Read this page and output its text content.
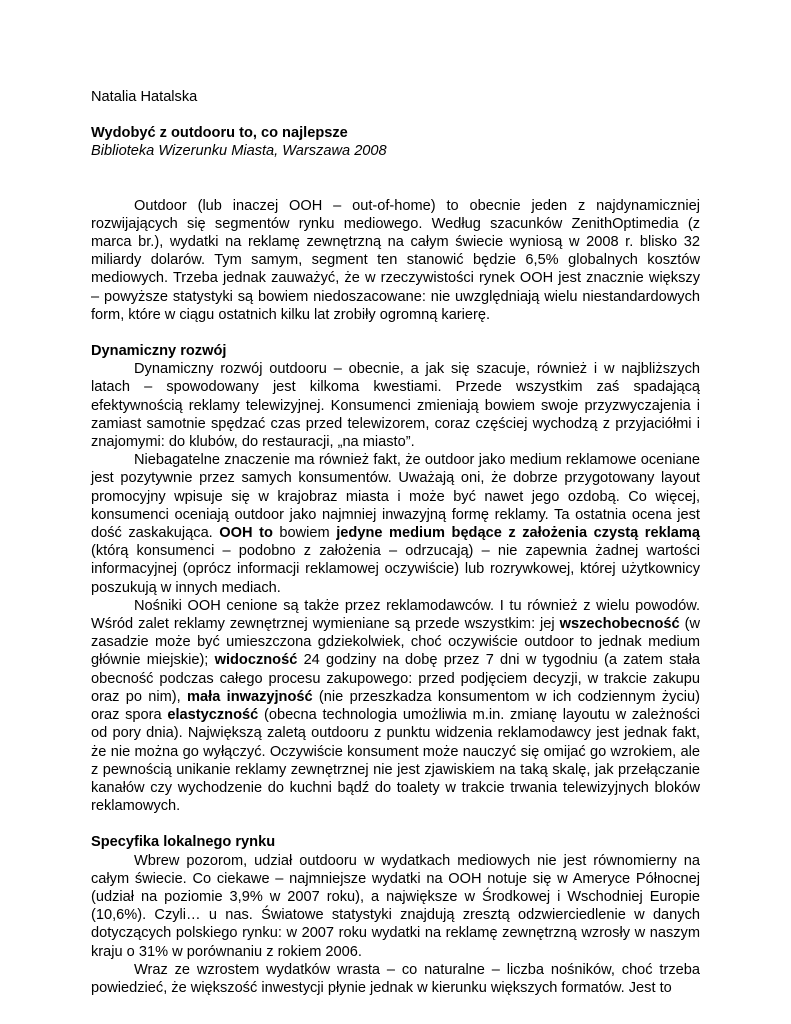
Natalia Hatalska

Wydobyć z outdooru to, co najlepsze

Biblioteka Wizerunku Miasta, Warszawa 2008

Outdoor (lub inaczej OOH – out-of-home) to obecnie jeden z najdynamiczniej rozwijających się segmentów rynku mediowego. Według szacunków ZenithOptimedia (z marca br.), wydatki na reklamę zewnętrzną na całym świecie wyniosą w 2008 r. blisko 32 miliardy dolarów. Tym samym, segment ten stanowić będzie 6,5% globalnych kosztów mediowych. Trzeba jednak zauważyć, że w rzeczywistości rynek OOH jest znacznie większy – powyższe statystyki są bowiem niedoszacowane: nie uwzględniają wielu niestandardowych form, które w ciągu ostatnich kilku lat zrobiły ogromną karierę.

Dynamiczny rozwój

Dynamiczny rozwój outdooru – obecnie, a jak się szacuje, również i w najbliższych latach – spowodowany jest kilkoma kwestiami. Przede wszystkim zaś spadającą efektywnością reklamy telewizyjnej. Konsumenci zmieniają bowiem swoje przyzwyczajenia i zamiast samotnie spędzać czas przed telewizorem, coraz częściej wychodzą z przyjaciółmi i znajomymi: do klubów, do restauracji, „na miasto”.

Niebagatelne znaczenie ma również fakt, że outdoor jako medium reklamowe oceniane jest pozytywnie przez samych konsumentów. Uważają oni, że dobrze przygotowany layout promocyjny wpisuje się w krajobraz miasta i może być nawet jego ozdobą. Co więcej, konsumenci oceniają outdoor jako najmniej inwazyjną formę reklamy. Ta ostatnia ocena jest dość zaskakująca. OOH to bowiem jedyne medium będące z założenia czystą reklamą (którą konsumenci – podobno z założenia – odrzucają) – nie zapewnia żadnej wartości informacyjnej (oprócz informacji reklamowej oczywiście) lub rozrywkowej, której użytkownicy poszukują w innych mediach.

Nośniki OOH cenione są także przez reklamodawców. I tu również z wielu powodów. Wśród zalet reklamy zewnętrznej wymieniane są przede wszystkim: jej wszechobecność (w zasadzie może być umieszczona gdziekolwiek, choć oczywiście outdoor to jednak medium głównie miejskie); widoczność 24 godziny na dobę przez 7 dni w tygodniu (a zatem stała obecność podczas całego procesu zakupowego: przed podjęciem decyzji, w trakcie zakupu oraz po nim), mała inwazyjność (nie przeszkadza konsumentom w ich codziennym życiu) oraz spora elastyczność (obecna technologia umożliwia m.in. zmianę layoutu w zależności od pory dnia). Największą zaletą outdooru z punktu widzenia reklamodawcy jest jednak fakt, że nie można go wyłączyć. Oczywiście konsument może nauczyć się omijać go wzrokiem, ale z pewnością unikanie reklamy zewnętrznej nie jest zjawiskiem na taką skalę, jak przełączanie kanałów czy wychodzenie do kuchni bądź do toalety w trakcie trwania telewizyjnych bloków reklamowych.

Specyfika lokalnego rynku

Wbrew pozorom, udział outdooru w wydatkach mediowych nie jest równomierny na całym świecie. Co ciekawe – najmniejsze wydatki na OOH notuje się w Ameryce Północnej (udział na poziomie 3,9% w 2007 roku), a największe w Środkowej i Wschodniej Europie (10,6%). Czyli… u nas. Światowe statystyki znajdują zresztą odzwierciedlenie w danych dotyczących polskiego rynku: w 2007 roku wydatki na reklamę zewnętrzną wzrosły w naszym kraju o 31% w porównaniu z rokiem 2006.

Wraz ze wzrostem wydatków wrasta – co naturalne – liczba nośników, choć trzeba powiedzieć, że większość inwestycji płynie jednak w kierunku większych formatów. Jest to
